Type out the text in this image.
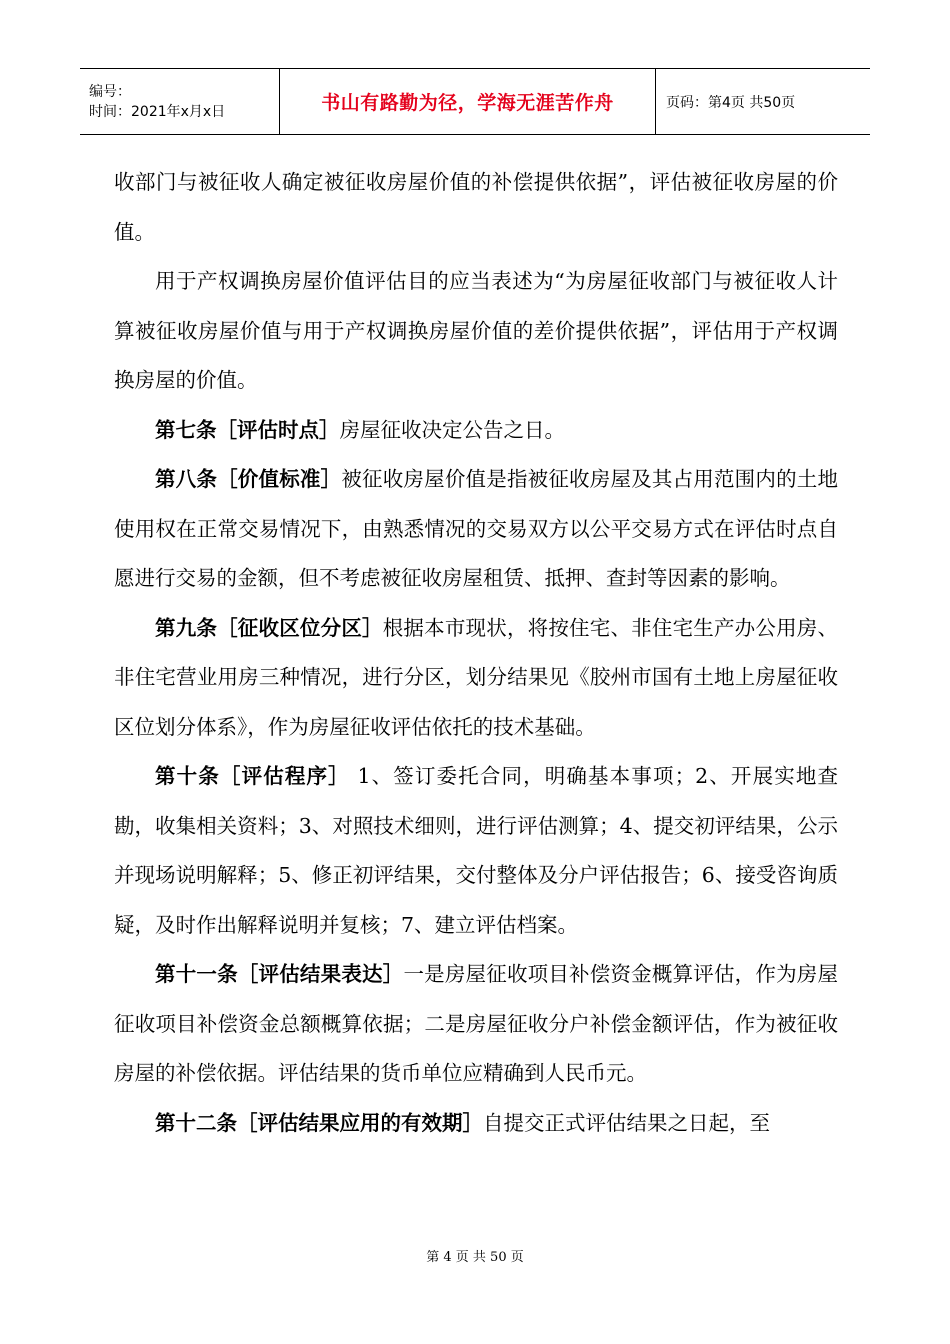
编号：
时间：2021年x月x日	书山有路勤为径，学海无涯苦作舟	页码：第4页 共50页

收部门与被征收人确定被征收房屋价值的补偿提供依据”，评估被征收房屋的价值。

用于产权调换房屋价值评估目的应当表述为“为房屋征收部门与被征收人计算被征收房屋价值与用于产权调换房屋价值的差价提供依据”，评估用于产权调换房屋的价值。

第七条［评估时点］房屋征收决定公告之日。

第八条［价值标准］被征收房屋价值是指被征收房屋及其占用范围内的土地使用权在正常交易情况下，由熟悉情况的交易双方以公平交易方式在评估时点自愿进行交易的金额，但不考虑被征收房屋租赁、抵押、查封等因素的影响。

第九条［征收区位分区］根据本市现状，将按住宅、非住宅生产办公用房、非住宅营业用房三种情况，进行分区，划分结果见《胶州市国有土地上房屋征收区位划分体系》，作为房屋征收评估依托的技术基础。

第十条［评估程序］ 1、签订委托合同，明确基本事项；2、开展实地查勘，收集相关资料；3、对照技术细则，进行评估测算；4、提交初评结果，公示并现场说明解释；5、修正初评结果，交付整体及分户评估报告；6、接受咨询质疑，及时作出解释说明并复核；7、建立评估档案。

第十一条［评估结果表达］一是房屋征收项目补偿资金概算评估，作为房屋征收项目补偿资金总额概算依据；二是房屋征收分户补偿金额评估，作为被征收房屋的补偿依据。评估结果的货币单位应精确到人民币元。

第十二条［评估结果应用的有效期］自提交正式评估结果之日起，至

第 4 页 共 50 页
